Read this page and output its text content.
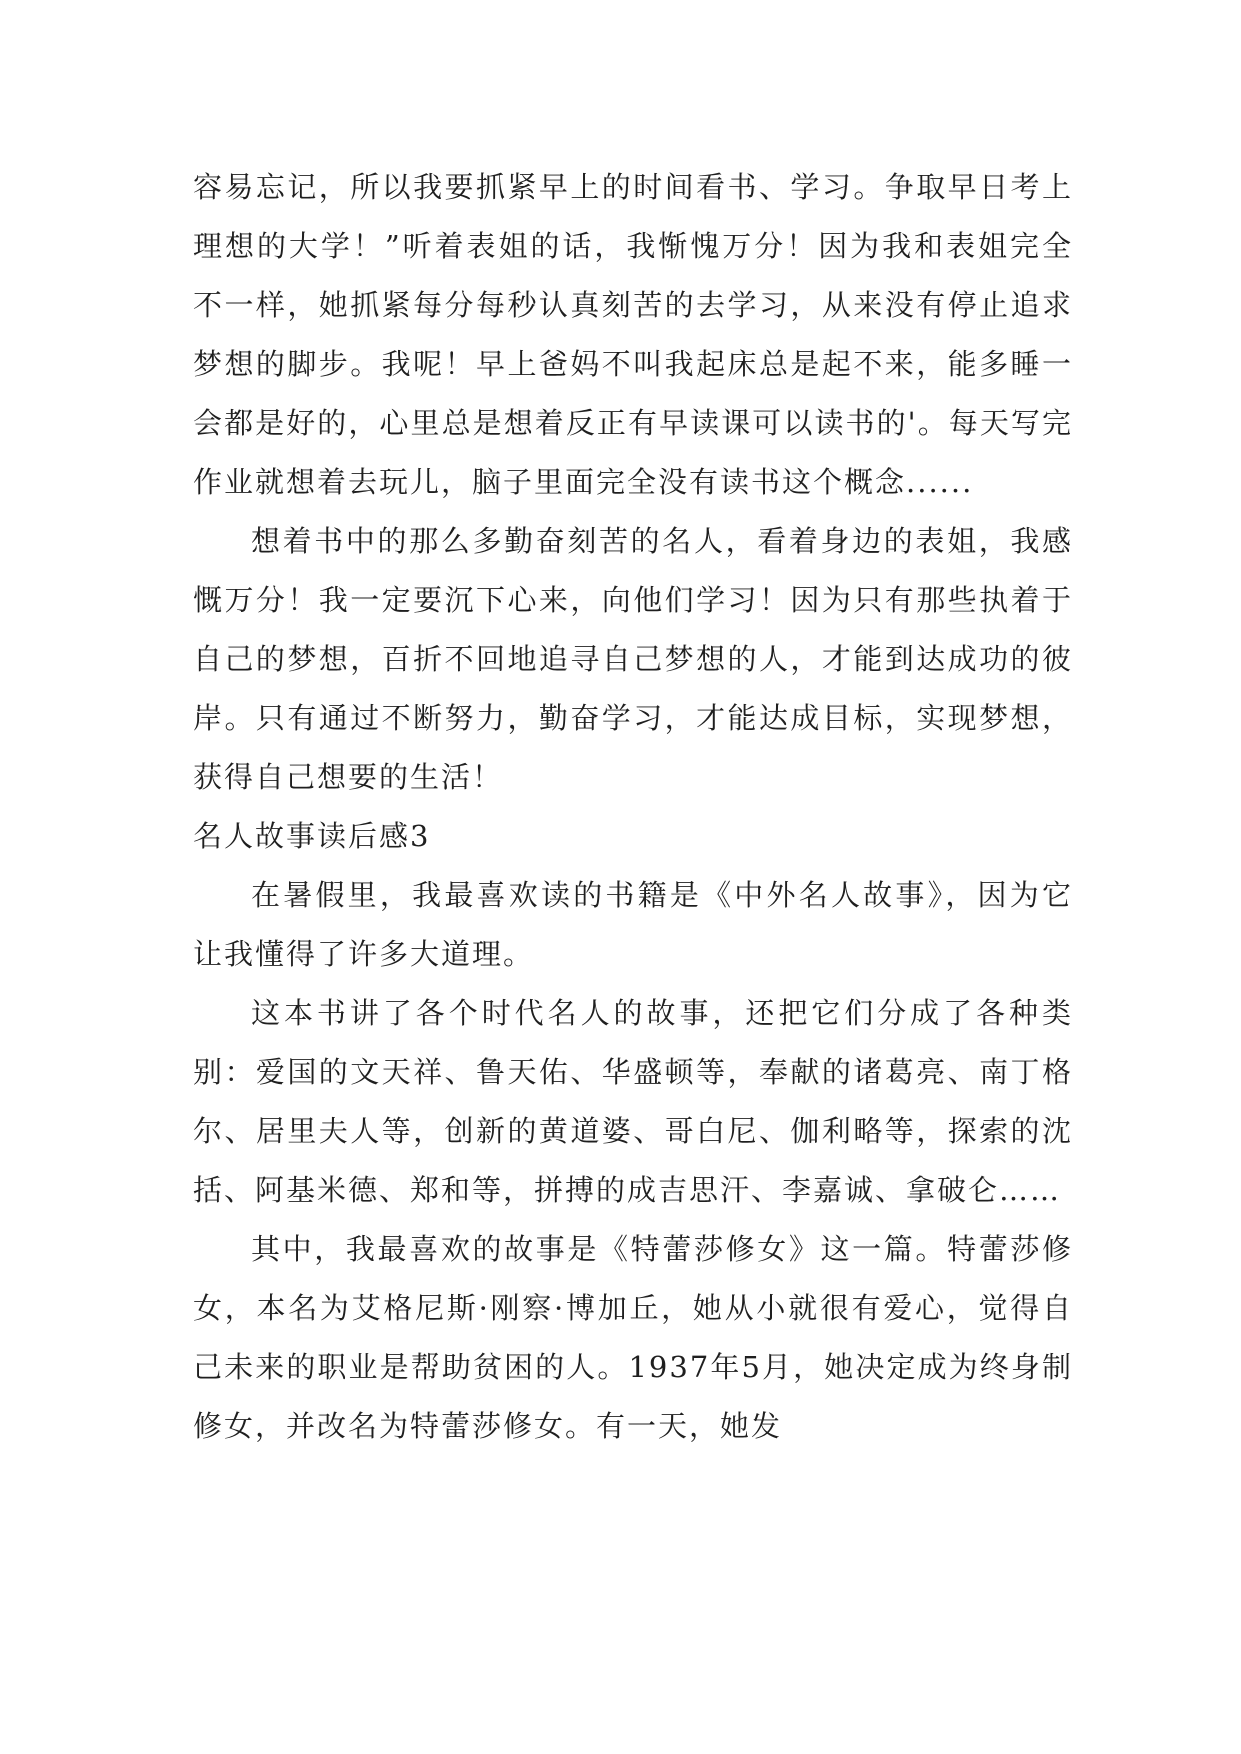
容易忘记，所以我要抓紧早上的时间看书、学习。争取早日考上理想的大学！”听着表姐的话，我惭愧万分！因为我和表姐完全不一样，她抓紧每分每秒认真刻苦的去学习，从来没有停止追求梦想的脚步。我呢！早上爸妈不叫我起床总是起不来，能多睡一会都是好的，心里总是想着反正有早读课可以读书的'。每天写完作业就想着去玩儿，脑子里面完全没有读书这个概念......

想着书中的那么多勤奋刻苦的名人，看着身边的表姐，我感慨万分！我一定要沉下心来，向他们学习！因为只有那些执着于自己的梦想，百折不回地追寻自己梦想的人，才能到达成功的彼岸。只有通过不断努力，勤奋学习，才能达成目标，实现梦想，获得自己想要的生活！

名人故事读后感3

在暑假里，我最喜欢读的书籍是《中外名人故事》，因为它让我懂得了许多大道理。

这本书讲了各个时代名人的故事，还把它们分成了各种类别：爱国的文天祥、鲁天佑、华盛顿等，奉献的诸葛亮、南丁格尔、居里夫人等，创新的黄道婆、哥白尼、伽利略等，探索的沈括、阿基米德、郑和等，拼搏的成吉思汗、李嘉诚、拿破仑……

其中，我最喜欢的故事是《特蕾莎修女》这一篇。特蕾莎修女，本名为艾格尼斯·刚察·博加丘，她从小就很有爱心，觉得自己未来的职业是帮助贫困的人。1937年5月，她决定成为终身制修女，并改名为特蕾莎修女。有一天，她发
